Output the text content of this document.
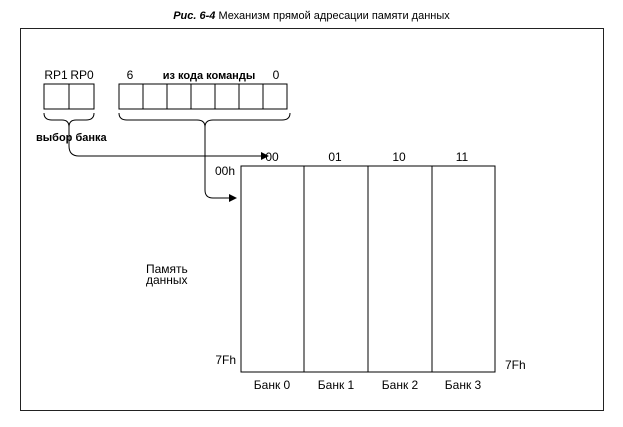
Рис. 6-4 Механизм прямой адресации памяти данных
RP1 RP0
выбор банка
6	из кода команды 0
00	01	10	11
00h
7Fh	7Fh
Банк 0 Банк 1 Банк 2 Банк 3
Память
данных
